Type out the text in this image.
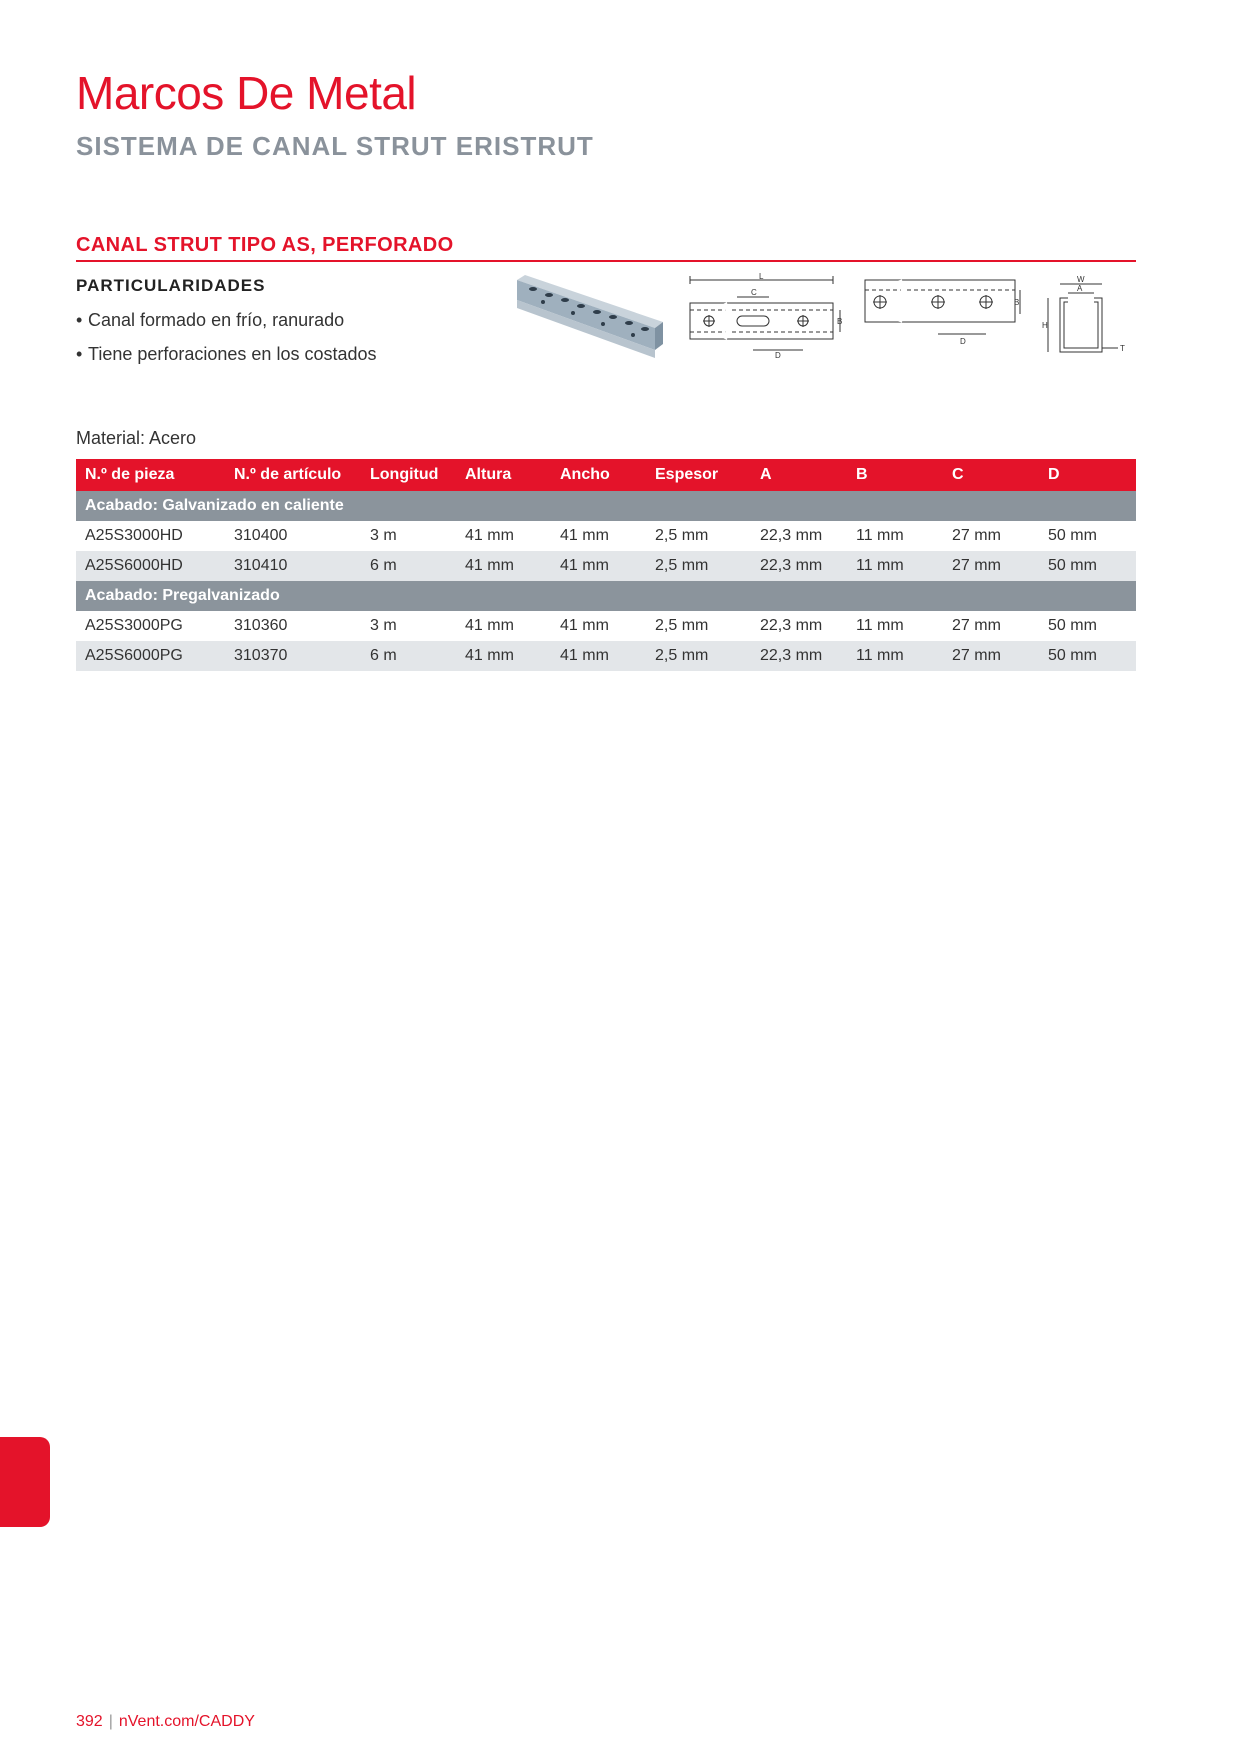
Marcos De Metal
SISTEMA DE CANAL STRUT ERISTRUT
CANAL STRUT TIPO AS, PERFORADO
PARTICULARIDADES
• Canal formado en frío, ranurado
• Tiene perforaciones en los costados
L
C
B
D
B
D
W
A
H
T
Material: Acero
N.º de pieza	N.º de artículo	Longitud	Altura	Ancho	Espesor	A	B	C	D
Acabado: Galvanizado en caliente									
A25S3000HD	310400	3 m	41 mm	41 mm	2,5 mm	22,3 mm	11 mm	27 mm	50 mm
A25S6000HD	310410	6 m	41 mm	41 mm	2,5 mm	22,3 mm	11 mm	27 mm	50 mm
Acabado: Pregalvanizado									
A25S3000PG	310360	3 m	41 mm	41 mm	2,5 mm	22,3 mm	11 mm	27 mm	50 mm
A25S6000PG	310370	6 m	41 mm	41 mm	2,5 mm	22,3 mm	11 mm	27 mm	50 mm
392 | nVent.com/CADDY
